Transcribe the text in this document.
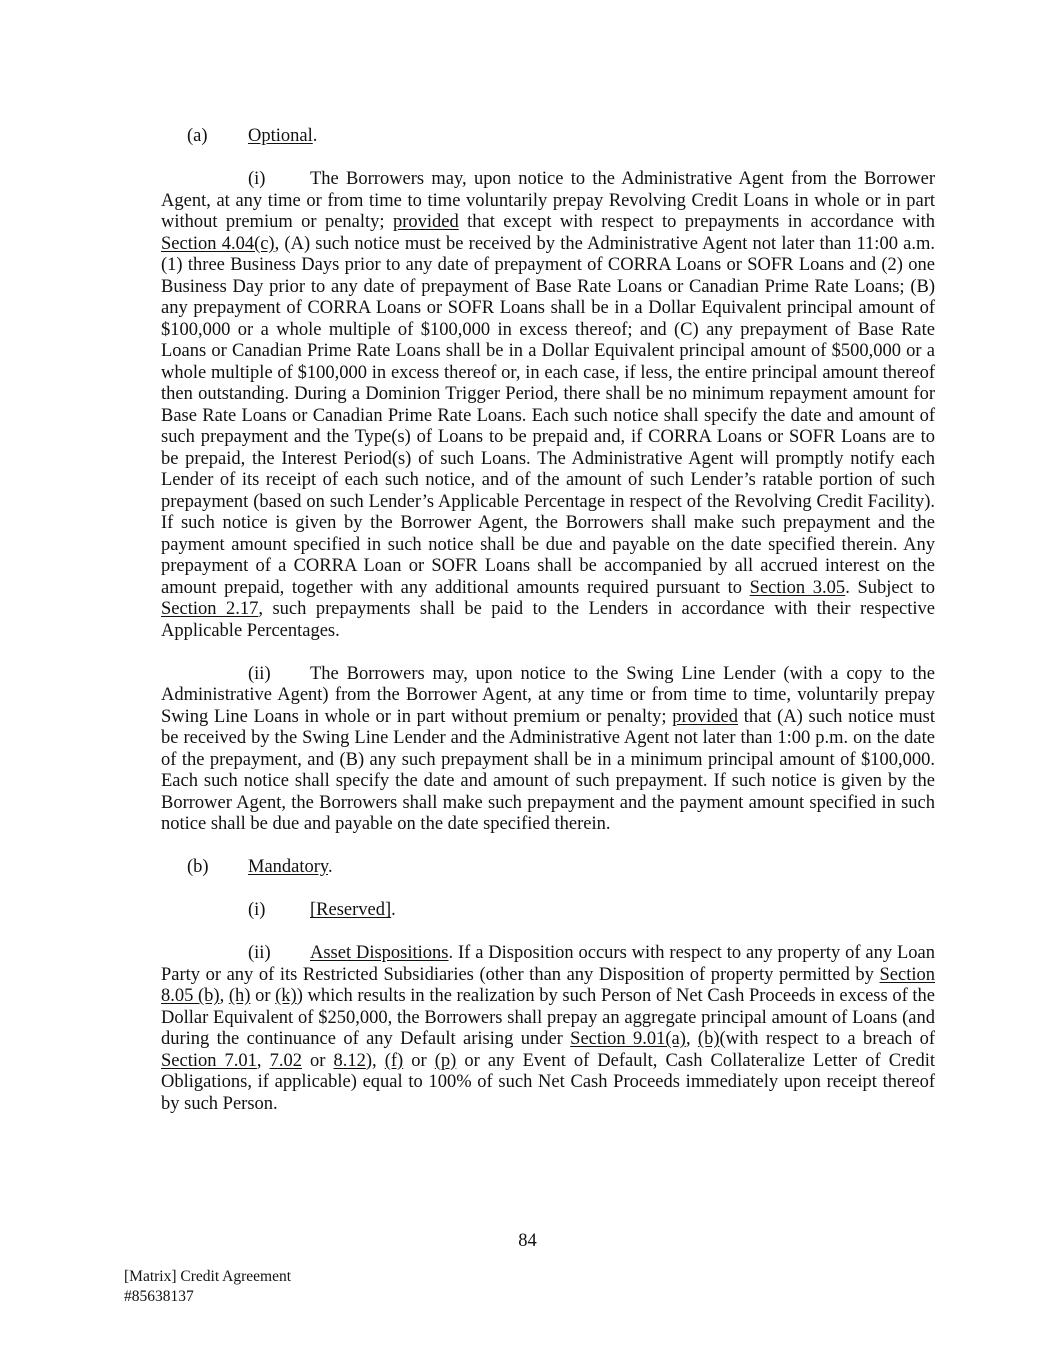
(a) Optional.

(i) The Borrowers may, upon notice to the Administrative Agent from the Borrower Agent, at any time or from time to time voluntarily prepay Revolving Credit Loans in whole or in part without premium or penalty; provided that except with respect to prepayments in accordance with Section 4.04(c), (A) such notice must be received by the Administrative Agent not later than 11:00 a.m. (1) three Business Days prior to any date of prepayment of CORRA Loans or SOFR Loans and (2) one Business Day prior to any date of prepayment of Base Rate Loans or Canadian Prime Rate Loans; (B) any prepayment of CORRA Loans or SOFR Loans shall be in a Dollar Equivalent principal amount of $100,000 or a whole multiple of $100,000 in excess thereof; and (C) any prepayment of Base Rate Loans or Canadian Prime Rate Loans shall be in a Dollar Equivalent principal amount of $500,000 or a whole multiple of $100,000 in excess thereof or, in each case, if less, the entire principal amount thereof then outstanding. During a Dominion Trigger Period, there shall be no minimum repayment amount for Base Rate Loans or Canadian Prime Rate Loans. Each such notice shall specify the date and amount of such prepayment and the Type(s) of Loans to be prepaid and, if CORRA Loans or SOFR Loans are to be prepaid, the Interest Period(s) of such Loans. The Administrative Agent will promptly notify each Lender of its receipt of each such notice, and of the amount of such Lender’s ratable portion of such prepayment (based on such Lender’s Applicable Percentage in respect of the Revolving Credit Facility). If such notice is given by the Borrower Agent, the Borrowers shall make such prepayment and the payment amount specified in such notice shall be due and payable on the date specified therein. Any prepayment of a CORRA Loan or SOFR Loans shall be accompanied by all accrued interest on the amount prepaid, together with any additional amounts required pursuant to Section 3.05. Subject to Section 2.17, such prepayments shall be paid to the Lenders in accordance with their respective Applicable Percentages.

(ii) The Borrowers may, upon notice to the Swing Line Lender (with a copy to the Administrative Agent) from the Borrower Agent, at any time or from time to time, voluntarily prepay Swing Line Loans in whole or in part without premium or penalty; provided that (A) such notice must be received by the Swing Line Lender and the Administrative Agent not later than 1:00 p.m. on the date of the prepayment, and (B) any such prepayment shall be in a minimum principal amount of $100,000. Each such notice shall specify the date and amount of such prepayment. If such notice is given by the Borrower Agent, the Borrowers shall make such prepayment and the payment amount specified in such notice shall be due and payable on the date specified therein.

(b) Mandatory.

(i) [Reserved].

(ii) Asset Dispositions. If a Disposition occurs with respect to any property of any Loan Party or any of its Restricted Subsidiaries (other than any Disposition of property permitted by Section 8.05 (b), (h) or (k)) which results in the realization by such Person of Net Cash Proceeds in excess of the Dollar Equivalent of $250,000, the Borrowers shall prepay an aggregate principal amount of Loans (and during the continuance of any Default arising under Section 9.01(a), (b)(with respect to a breach of Section 7.01, 7.02 or 8.12), (f) or (p) or any Event of Default, Cash Collateralize Letter of Credit Obligations, if applicable) equal to 100% of such Net Cash Proceeds immediately upon receipt thereof by such Person.

84
[Matrix] Credit Agreement
#85638137
